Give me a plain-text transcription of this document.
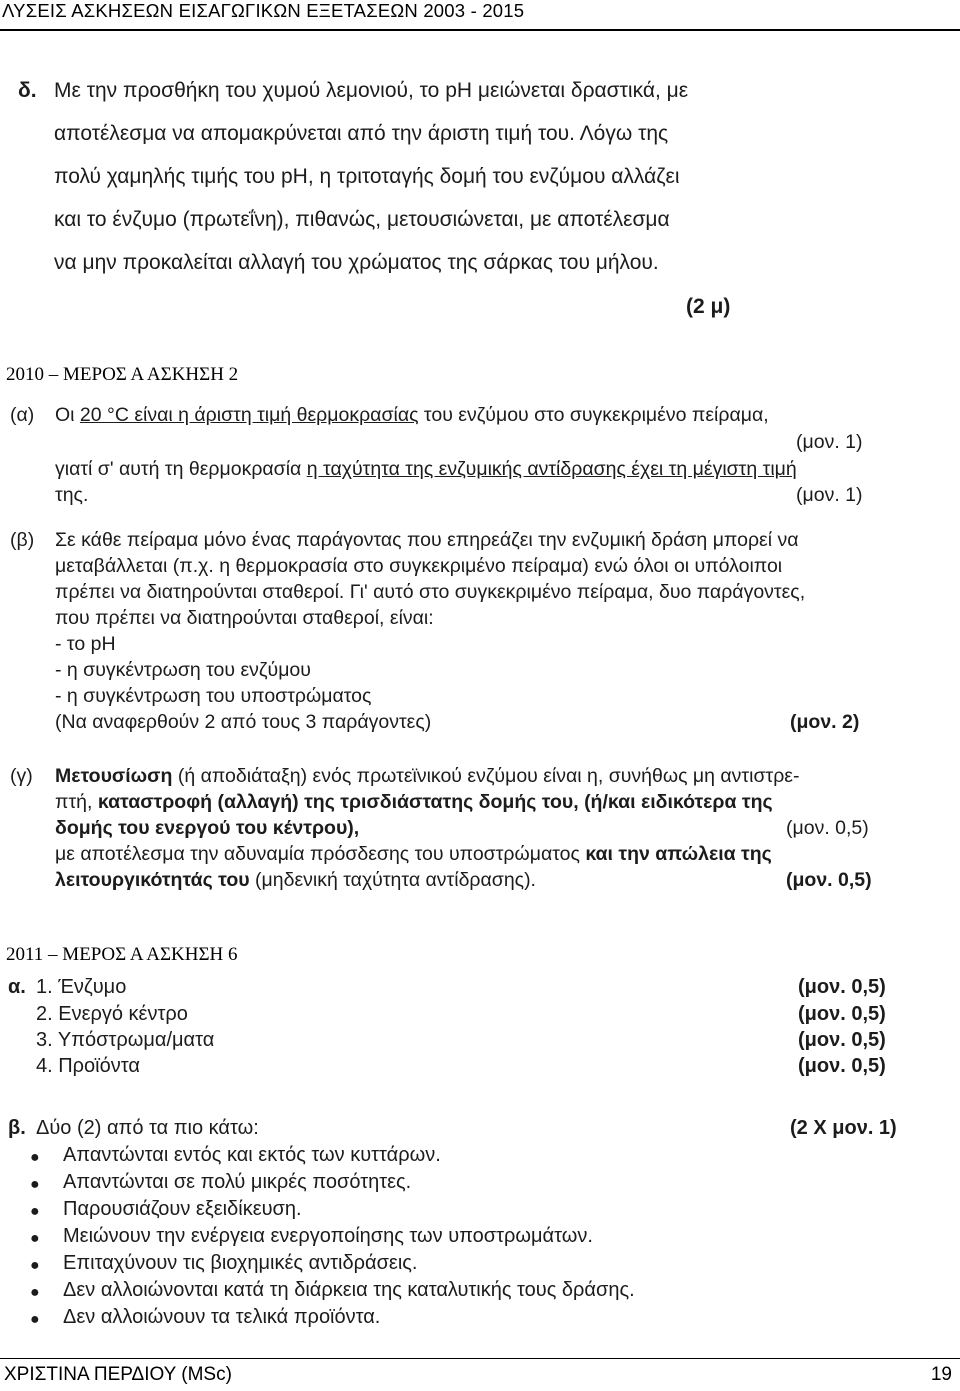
ΛΥΣΕΙΣ ΑΣΚΗΣΕΩΝ ΕΙΣΑΓΩΓΙΚΩΝ ΕΞΕΤΑΣΕΩΝ 2003 - 2015
δ. Με την προσθήκη του χυμού λεμονιού, το pH μειώνεται δραστικά, με
αποτέλεσμα να απομακρύνεται από την άριστη τιμή του. Λόγω της
πολύ χαμηλής τιμής του pH, η τριτοταγής δομή του ενζύμου αλλάζει
και το ένζυμο (πρωτεΐνη), πιθανώς, μετουσιώνεται, με αποτέλεσμα
να μην προκαλείται αλλαγή του χρώματος της σάρκας του μήλου.
(2 μ)
2010 – ΜΕΡΟΣ Α ΑΣΚΗΣΗ 2
(α) Οι 20 °C είναι η άριστη τιμή θερμοκρασίας του ενζύμου στο συγκεκριμένο πείραμα,
(μον. 1)
γιατί σ' αυτή τη θερμοκρασία η ταχύτητα της ενζυμικής αντίδρασης έχει τη μέγιστη τιμή
της.	(μον. 1)
(β) Σε κάθε πείραμα μόνο ένας παράγοντας που επηρεάζει την ενζυμική δράση μπορεί να
μεταβάλλεται (π.χ. η θερμοκρασία στο συγκεκριμένο πείραμα) ενώ όλοι οι υπόλοιποι
πρέπει να διατηρούνται σταθεροί. Γι' αυτό στο συγκεκριμένο πείραμα, δυο παράγοντες,
που πρέπει να διατηρούνται σταθεροί, είναι:
- το pH
- η συγκέντρωση του ενζύμου
- η συγκέντρωση του υποστρώματος
(Να αναφερθούν 2 από τους 3 παράγοντες)	(μον. 2)
(γ) Μετουσίωση (ή αποδιάταξη) ενός πρωτεϊνικού ενζύμου είναι η, συνήθως μη αντιστρε-
πτή, καταστροφή (αλλαγή) της τρισδιάστατης δομής του, (ή/και ειδικότερα της
δομής του ενεργού του κέντρου),	(μον. 0,5)
με αποτέλεσμα την αδυναμία πρόσδεσης του υποστρώματος και την απώλεια της
λειτουργικότητάς του (μηδενική ταχύτητα αντίδρασης).	(μον. 0,5)
2011 – ΜΕΡΟΣ Α ΑΣΚΗΣΗ 6
α. 1. Ένζυμο	(μον. 0,5)
2. Ενεργό κέντρο	(μον. 0,5)
3. Υπόστρωμα/ματα	(μον. 0,5)
4. Προϊόντα	(μον. 0,5)
β. Δύο (2) από τα πιο κάτω:	(2 Χ μον. 1)
● Απαντώνται εντός και εκτός των κυττάρων.
● Απαντώνται σε πολύ μικρές ποσότητες.
● Παρουσιάζουν εξειδίκευση.
● Μειώνουν την ενέργεια ενεργοποίησης των υποστρωμάτων.
● Επιταχύνουν τις βιοχημικές αντιδράσεις.
● Δεν αλλοιώνονται κατά τη διάρκεια της καταλυτικής τους δράσης.
● Δεν αλλοιώνουν τα τελικά προϊόντα.
ΧΡΙΣΤΙΝΑ ΠΕΡΔΙΟΥ (MSc)	19
